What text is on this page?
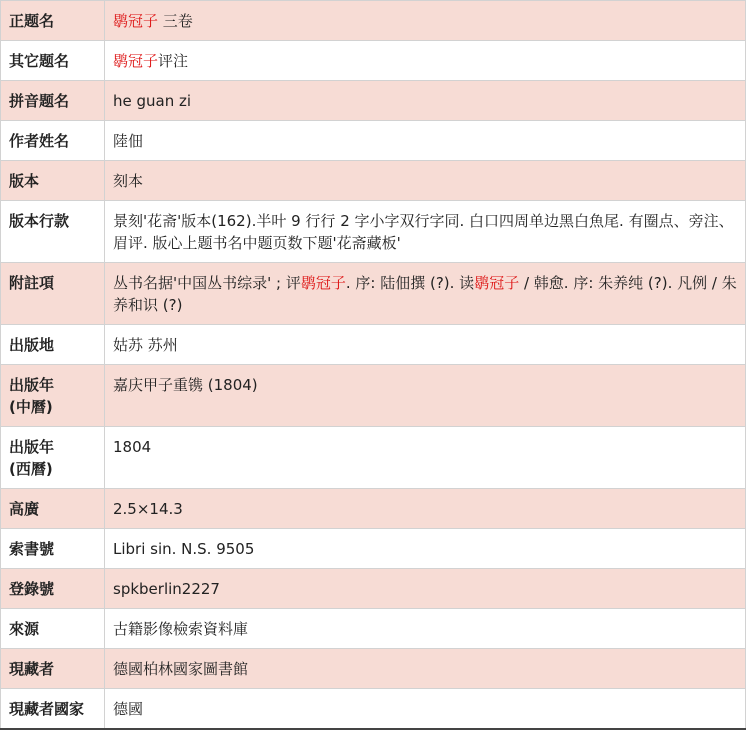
正题名	鹖冠子 三卷
其它题名	鹖冠子评注
拼音题名	he guan zi
作者姓名	陸佃
版本	刻本
版本行款	景刻'花斋'版本(162).半叶 9 行行 2 字小字双行字同. 白口四周单边黑白魚尾. 有圈点、旁注、眉评. 版心上题书名中题页数下题'花斋藏板'
附註項	丛书名据'中国丛书综录' ; 评鹖冠子. 序: 陆佃撰 (?). 读鹖冠子 / 韩愈. 序: 朱养纯 (?). 凡例 / 朱养和识 (?)
出版地	姑苏 苏州
出版年
(中曆)	嘉庆甲子重镌 (1804)
出版年
(西曆)	1804
高廣	2.5×14.3
索書號	Libri sin. N.S. 9505
登錄號	spkberlin2227
來源	古籍影像檢索資料庫
現藏者	德國柏林國家圖書館
現藏者國家	德國
